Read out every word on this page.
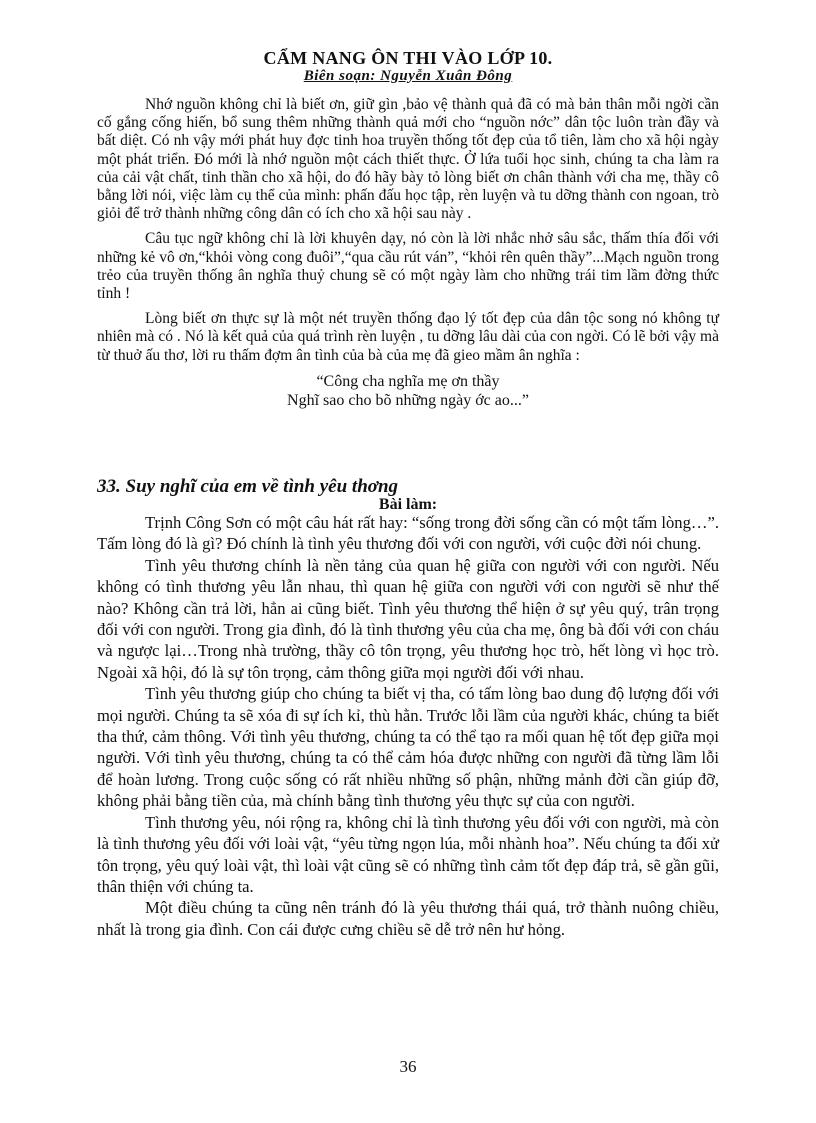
CẨM NANG ÔN THI VÀO LỚP 10.
Biên soạn: Nguyễn Xuân Đông

Nhớ nguồn không chỉ là biết ơn, giữ gìn ,bảo vệ thành quả đã có mà bản thân mỗi ngời cần cố gắng cống hiến, bổ sung thêm những thành quả mới cho “nguồn nớc” dân tộc luôn tràn đầy và bất diệt. Có nh vậy mới phát huy đợc tinh hoa truyền thống tốt đẹp của tổ tiên, làm cho xã hội ngày một phát triển. Đó mới là nhớ nguồn một cách thiết thực. Ở lứa tuổi học sinh, chúng ta cha làm ra của cải vật chất, tinh thần cho xã hội, do đó hãy bày tỏ lòng biết ơn chân thành với cha mẹ, thầy cô bằng lời nói, việc làm cụ thể của mình: phấn đấu học tập, rèn luyện và tu dỡng thành con ngoan, trò giỏi để trở thành những công dân có ích cho xã hội sau này .

Câu tục ngữ không chỉ là lời khuyên dạy, nó còn là lời nhắc nhở sâu sắc, thấm thía đối với những kẻ vô ơn,“khỏi vòng cong đuôi”,“qua cầu rút ván”, “khỏi rên quên thầy”...Mạch nguồn trong trẻo của truyền thống ân nghĩa thuỷ chung sẽ có một ngày làm cho những trái tim lầm đờng thức tỉnh !

Lòng biết ơn thực sự là một nét truyền thống đạo lý tốt đẹp của dân tộc song nó không tự nhiên mà có . Nó là kết quả của quá trình rèn luyện , tu dỡng lâu dài của con ngời. Có lẽ bởi vậy mà từ thuở ấu thơ, lời ru thấm đợm ân tình của bà của mẹ đã gieo mầm ân nghĩa :

“Công cha nghĩa mẹ ơn thầy
Nghĩ sao cho bõ những ngày ớc ao...”
33. Suy nghĩ của em về tình yêu thơng
Bài làm:

Trịnh Công Sơn có một câu hát rất hay: “sống trong đời sống cần có một tấm lòng…”. Tấm lòng đó là gì? Đó chính là tình yêu thương đối với con người, với cuộc đời nói chung.

Tình yêu thương chính là nền tảng của quan hệ giữa con người với con người. Nếu không có tình thương yêu lẫn nhau, thì quan hệ giữa con người với con người sẽ như thế nào? Không cần trả lời, hẳn ai cũng biết. Tình yêu thương thể hiện ở sự yêu quý, trân trọng đối với con người. Trong gia đình, đó là tình thương yêu của cha mẹ, ông bà đối với con cháu và ngược lại…Trong nhà trường, thầy cô tôn trọng, yêu thương học trò, hết lòng vì học trò. Ngoài xã hội, đó là sự tôn trọng, cảm thông giữa mọi người đối với nhau.

Tình yêu thương giúp cho chúng ta biết vị tha, có tấm lòng bao dung độ lượng đối với mọi người. Chúng ta sẽ xóa đi sự ích kỉ, thù hằn. Trước lỗi lầm của người khác, chúng ta biết tha thứ, cảm thông. Với tình yêu thương, chúng ta có thể tạo ra mối quan hệ tốt đẹp giữa mọi người. Với tình yêu thương, chúng ta có thể cảm hóa được những con người đã từng lầm lỗi để hoàn lương. Trong cuộc sống có rất nhiều những số phận, những mảnh đời cần giúp đỡ, không phải bằng tiền của, mà chính bằng tình thương yêu thực sự của con người.

Tình thương yêu, nói rộng ra, không chỉ là tình thương yêu đối với con người, mà còn là tình thương yêu đối với loài vật, “yêu từng ngọn lúa, mỗi nhành hoa”. Nếu chúng ta đối xử tôn trọng, yêu quý loài vật, thì loài vật cũng sẽ có những tình cảm tốt đẹp đáp trả, sẽ gần gũi, thân thiện với chúng ta.

Một điều chúng ta cũng nên tránh đó là yêu thương thái quá, trở thành nuông chiều, nhất là trong gia đình. Con cái được cưng chiều sẽ dễ trở nên hư hỏng.

36
